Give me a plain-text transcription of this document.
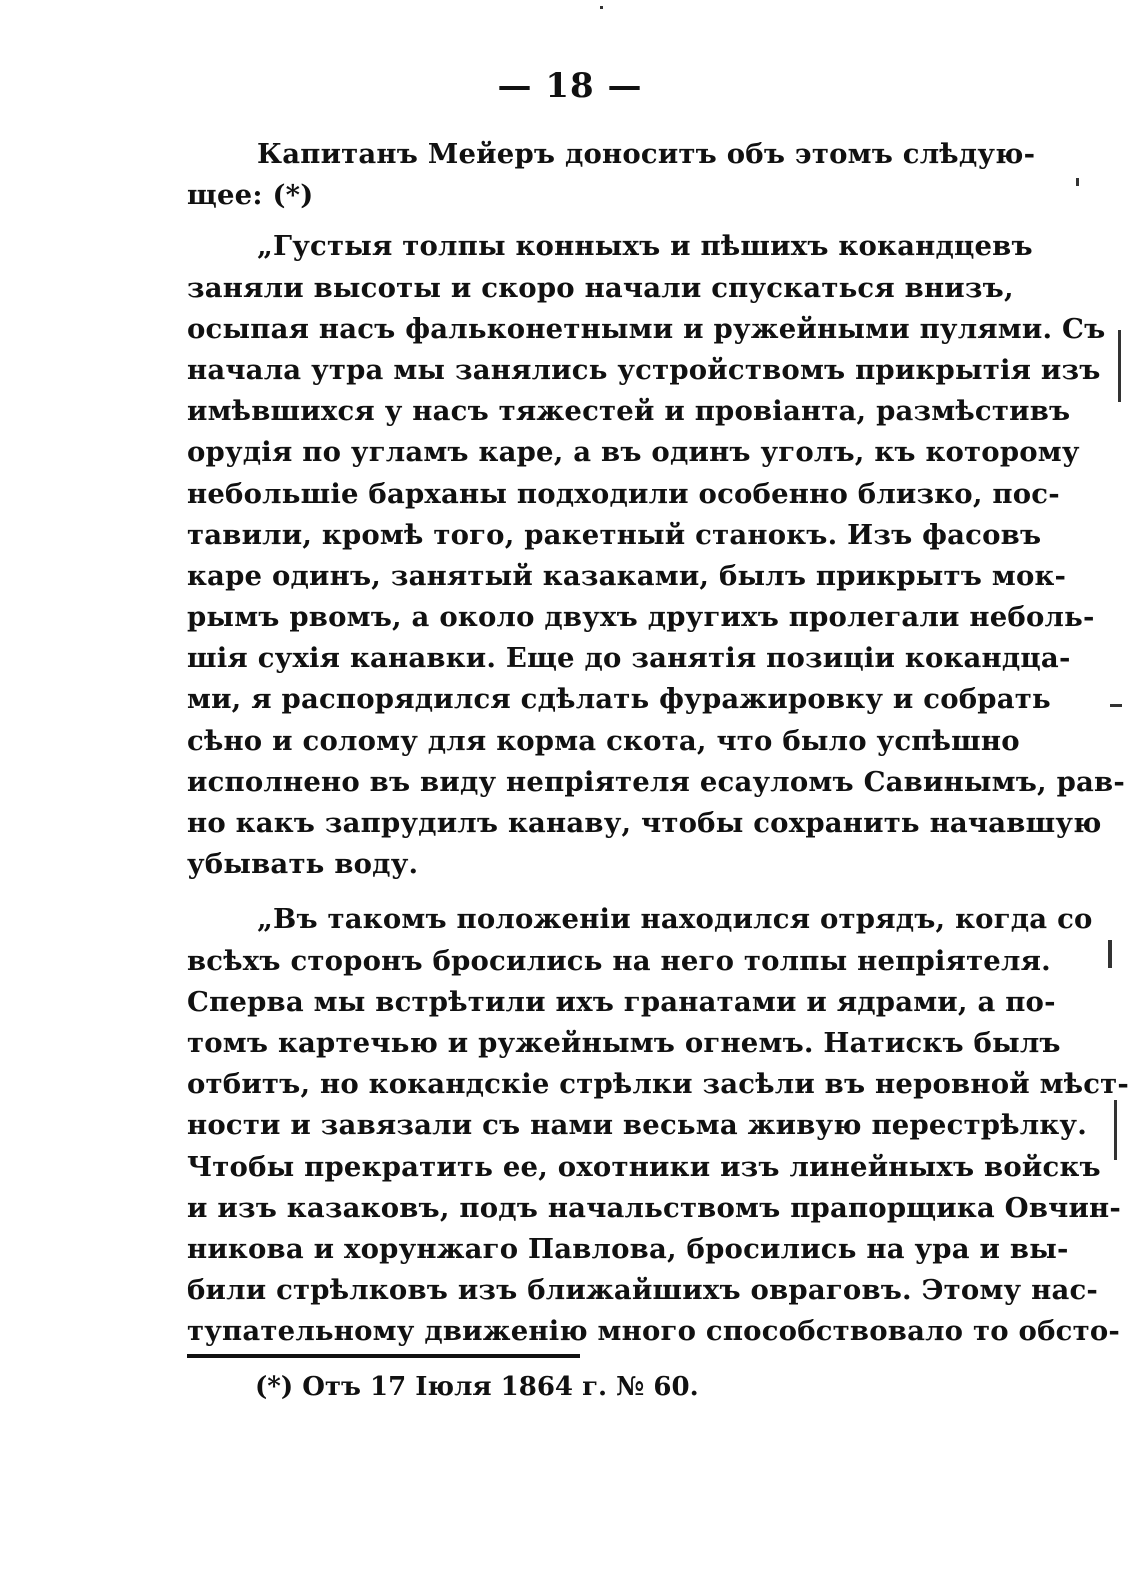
— 18 —
Капитанъ Мейеръ доноситъ объ этомъ слѣдую-
щее: (*)
„Густыя толпы конныхъ и пѣшихъ кокандцевъ
заняли высоты и скоро начали спускаться внизъ,
осыпая насъ фальконетными и ружейными пулями. Съ
начала утра мы занялись устройствомъ прикрытія изъ
имѣвшихся у насъ тяжестей и провіанта, размѣстивъ
орудія по угламъ каре, а въ одинъ уголъ, къ которому
небольшіе барханы подходили особенно близко, пос-
тавили, кромѣ того, ракетный станокъ. Изъ фасовъ
каре одинъ, занятый казаками, былъ прикрытъ мок-
рымъ рвомъ, а около двухъ другихъ пролегали неболь-
шія сухія канавки. Еще до занятія позиціи кокандца-
ми, я распорядился сдѣлать фуражировку и собрать
сѣно и солому для корма скота, что было успѣшно
исполнено въ виду непріятеля есауломъ Савинымъ, рав-
но какъ запрудилъ канаву, чтобы сохранить начавшую
убывать воду.
„Въ такомъ положеніи находился отрядъ, когда со
всѣхъ сторонъ бросились на него толпы непріятеля.
Сперва мы встрѣтили ихъ гранатами и ядрами, а по-
томъ картечью и ружейнымъ огнемъ. Натискъ былъ
отбитъ, но кокандскіе стрѣлки засѣли въ неровной мѣст-
ности и завязали съ нами весьма живую перестрѣлку.
Чтобы прекратить ее, охотники изъ линейныхъ войскъ
и изъ казаковъ, подъ начальствомъ прапорщика Овчин-
никова и хорунжаго Павлова, бросились на ура и вы-
били стрѣлковъ изъ ближайшихъ овраговъ. Этому нас-
тупательному движенію много способствовало то обсто-
(*) Отъ 17 Іюля 1864 г. № 60.
